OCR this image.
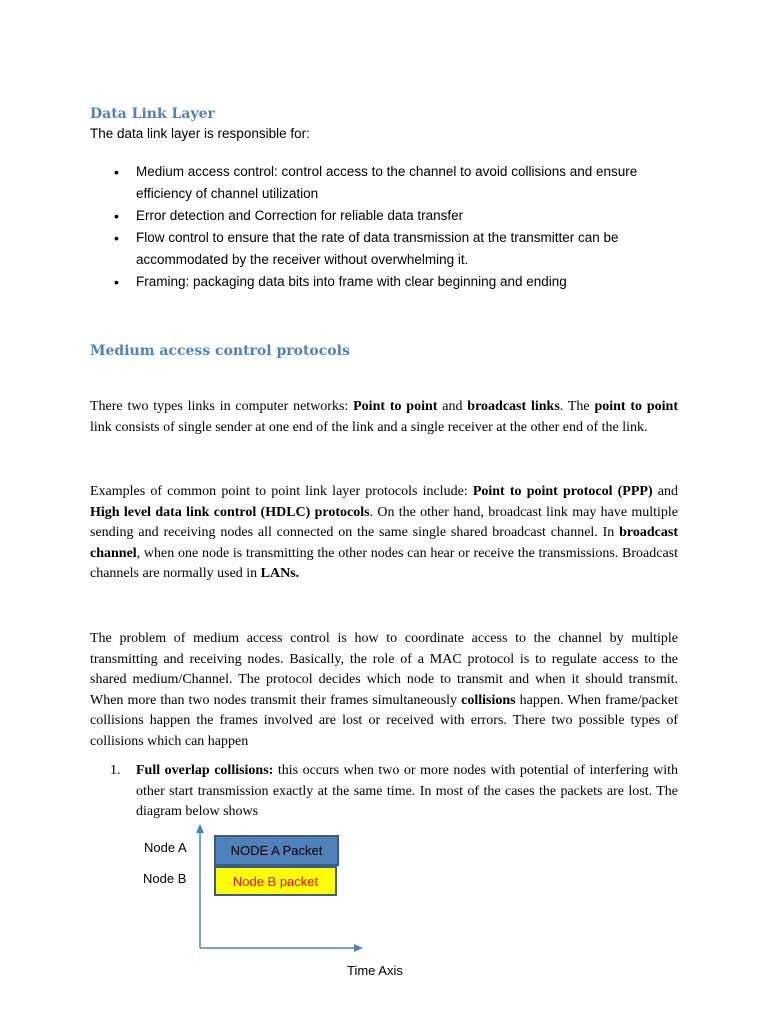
Data Link Layer
The data link layer is responsible for:
• Medium access control: control access to the channel to avoid collisions and ensure efficiency of channel utilization
• Error detection and Correction for reliable data transfer
• Flow control to ensure that the rate of data transmission at the transmitter can be accommodated by the receiver without overwhelming it.
• Framing: packaging data bits into frame with clear beginning and ending
Medium access control protocols
There two types links in computer networks: Point to point and broadcast links. The point to point link consists of single sender at one end of the link and a single receiver at the other end of the link.
Examples of common point to point link layer protocols include: Point to point protocol (PPP) and High level data link control (HDLC) protocols. On the other hand, broadcast link may have multiple sending and receiving nodes all connected on the same single shared broadcast channel. In broadcast channel, when one node is transmitting the other nodes can hear or receive the transmissions. Broadcast channels are normally used in LANs.
The problem of medium access control is how to coordinate access to the channel by multiple transmitting and receiving nodes. Basically, the role of a MAC protocol is to regulate access to the shared medium/Channel. The protocol decides which node to transmit and when it should transmit. When more than two nodes transmit their frames simultaneously collisions happen. When frame/packet collisions happen the frames involved are lost or received with errors. There two possible types of collisions which can happen
1. Full overlap collisions: this occurs when two or more nodes with potential of interfering with other start transmission exactly at the same time. In most of the cases the packets are lost. The diagram below shows
Node A
Node B
NODE A Packet
Node B packet
Time Axis
